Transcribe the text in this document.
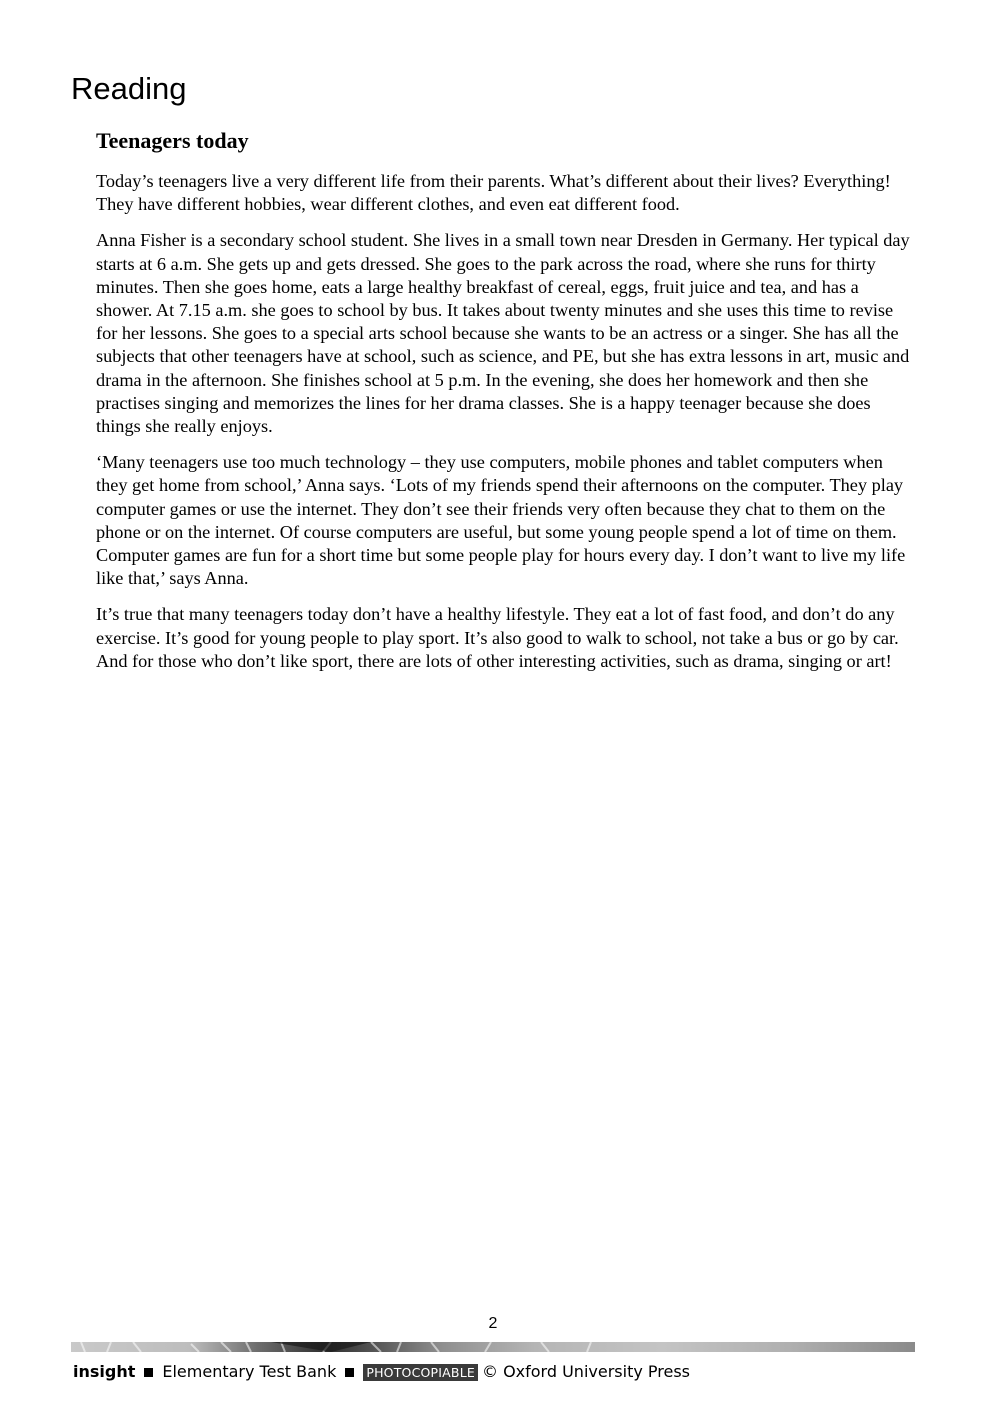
Reading
Teenagers today

Today’s teenagers live a very different life from their parents. What’s different about their lives? Everything! They have different hobbies, wear different clothes, and even eat different food.

Anna Fisher is a secondary school student. She lives in a small town near Dresden in Germany. Her typical day starts at 6 a.m. She gets up and gets dressed. She goes to the park across the road, where she runs for thirty minutes. Then she goes home, eats a large healthy breakfast of cereal, eggs, fruit juice and tea, and has a shower. At 7.15 a.m. she goes to school by bus. It takes about twenty minutes and she uses this time to revise for her lessons. She goes to a special arts school because she wants to be an actress or a singer. She has all the subjects that other teenagers have at school, such as science, and PE, but she has extra lessons in art, music and drama in the afternoon. She finishes school at 5 p.m. In the evening, she does her homework and then she practises singing and memorizes the lines for her drama classes. She is a happy teenager because she does things she really enjoys.

‘Many teenagers use too much technology – they use computers, mobile phones and tablet computers when they get home from school,’ Anna says. ‘Lots of my friends spend their afternoons on the computer. They play computer games or use the internet. They don’t see their friends very often because they chat to them on the phone or on the internet. Of course computers are useful, but some young people spend a lot of time on them. Computer games are fun for a short time but some people play for hours every day. I don’t want to live my life like that,’ says Anna.

It’s true that many teenagers today don’t have a healthy lifestyle. They eat a lot of fast food, and don’t do any exercise. It’s good for young people to play sport. It’s also good to walk to school, not take a bus or go by car. And for those who don’t like sport, there are lots of other interesting activities, such as drama, singing or art!

2
insight Elementary Test Bank PHOTOCOPIABLE © Oxford University Press
